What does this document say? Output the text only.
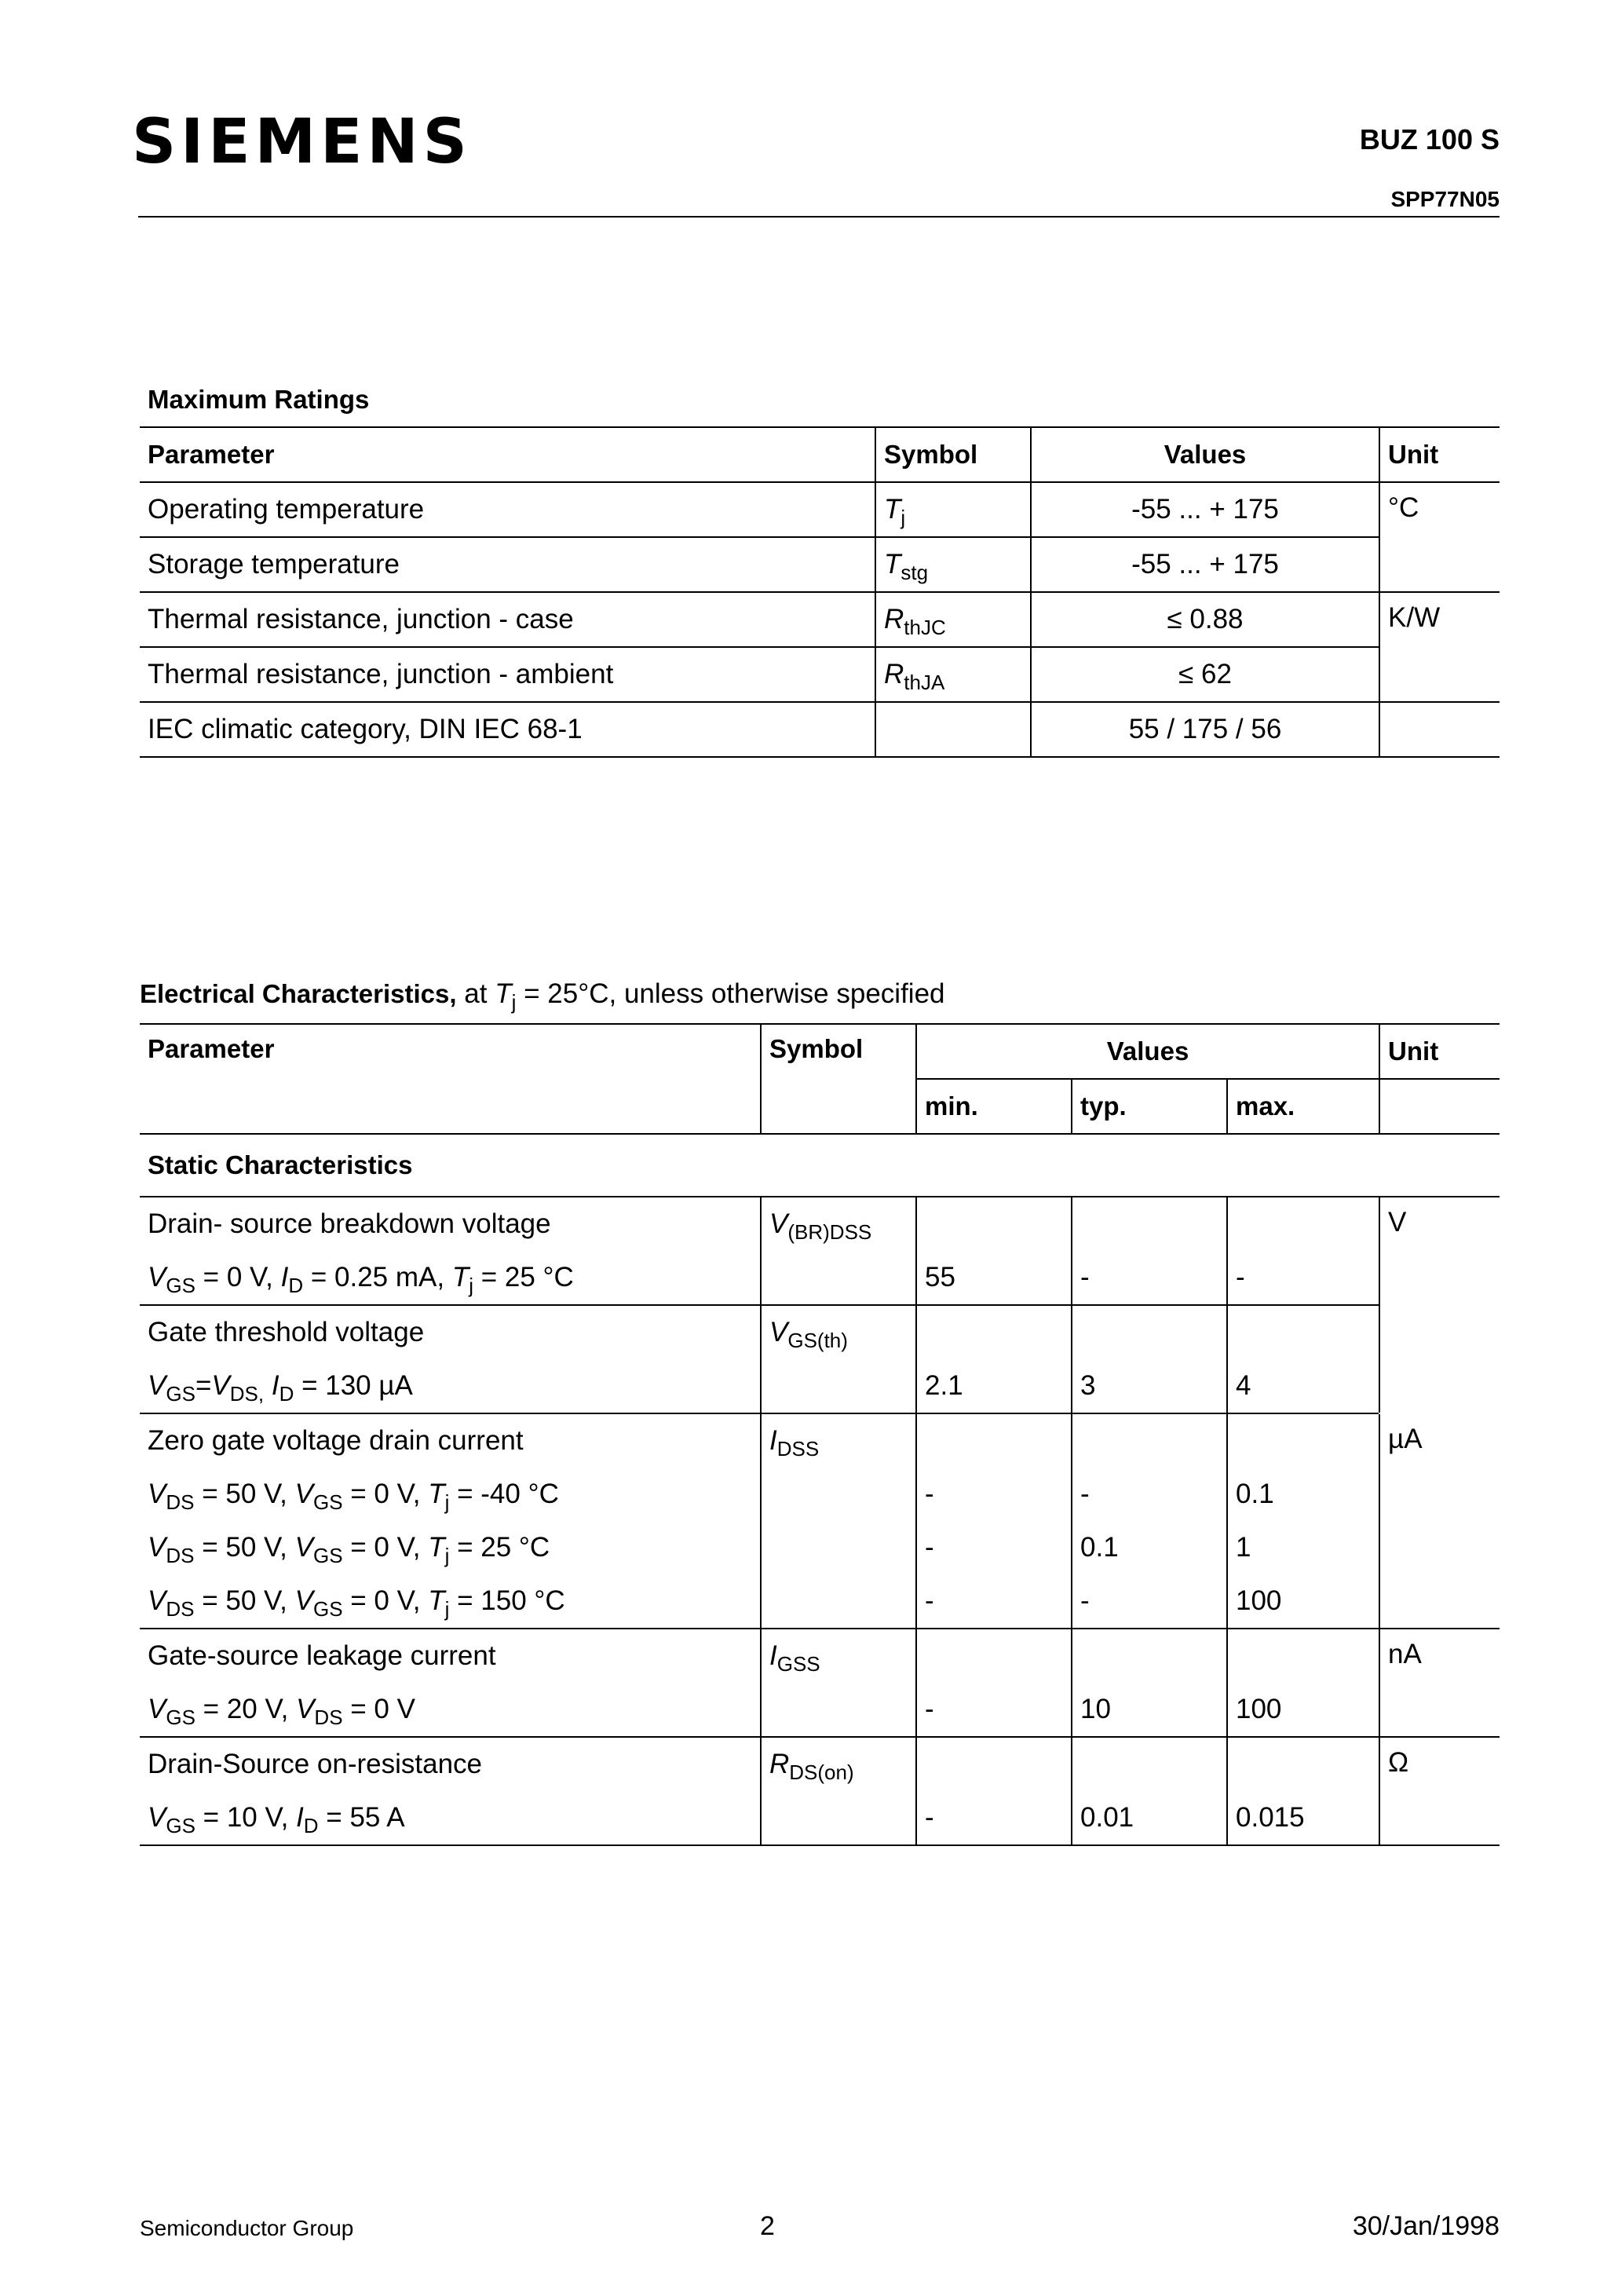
SIEMENS	BUZ 100 S
SPP77N05
Maximum Ratings
Parameter	Symbol	Values	Unit
Operating temperature	$T_j$	-55 ... + 175	°C
Storage temperature	$T_{stg}$	-55 ... + 175	
Thermal resistance, junction - case	$R_{thJC}$	≤ 0.88	K/W
Thermal resistance, junction - ambient	$R_{thJA}$	≤ 62	
IEC climatic category, DIN IEC 68-1		55 / 175 / 56	
Electrical Characteristics, at $T_j = 25^\circ C$, unless otherwise specified
Parameter	Symbol	Values			Unit
		min.	typ.	max.	
Static Characteristics					
Drain- source breakdown voltage	$V_{(BR)DSS}$				V
$V_{GS} = 0$ V, $I_D = 0.25$ mA, $T_j = 25$ °C		55	-	-	
Gate threshold voltage	$V_{GS(th)}$			
$V_{GS}=V_{DS,}$ $I_D = 130$ µA		2.1	3	4	
Zero gate voltage drain current	$I_{DSS}$				µA
$V_{DS} = 50$ V, $V_{GS} = 0$ V, $T_j = -40$ °C		-	-	0.1	
$V_{DS} = 50$ V, $V_{GS} = 0$ V, $T_j = 25$ °C		-	0.1	1	
$V_{DS} = 50$ V, $V_{GS} = 0$ V, $T_j = 150$ °C		-	-	100	
Gate-source leakage current	$I_{GSS}$				nA
$V_{GS} = 20$ V, $V_{DS} = 0$ V		-	10	100	
Drain-Source on-resistance	$R_{DS(on)}$				Ω
$V_{GS} = 10$ V, $I_D = 55$ A		-	0.01	0.015	
Semiconductor Group	2	30/Jan/1998
